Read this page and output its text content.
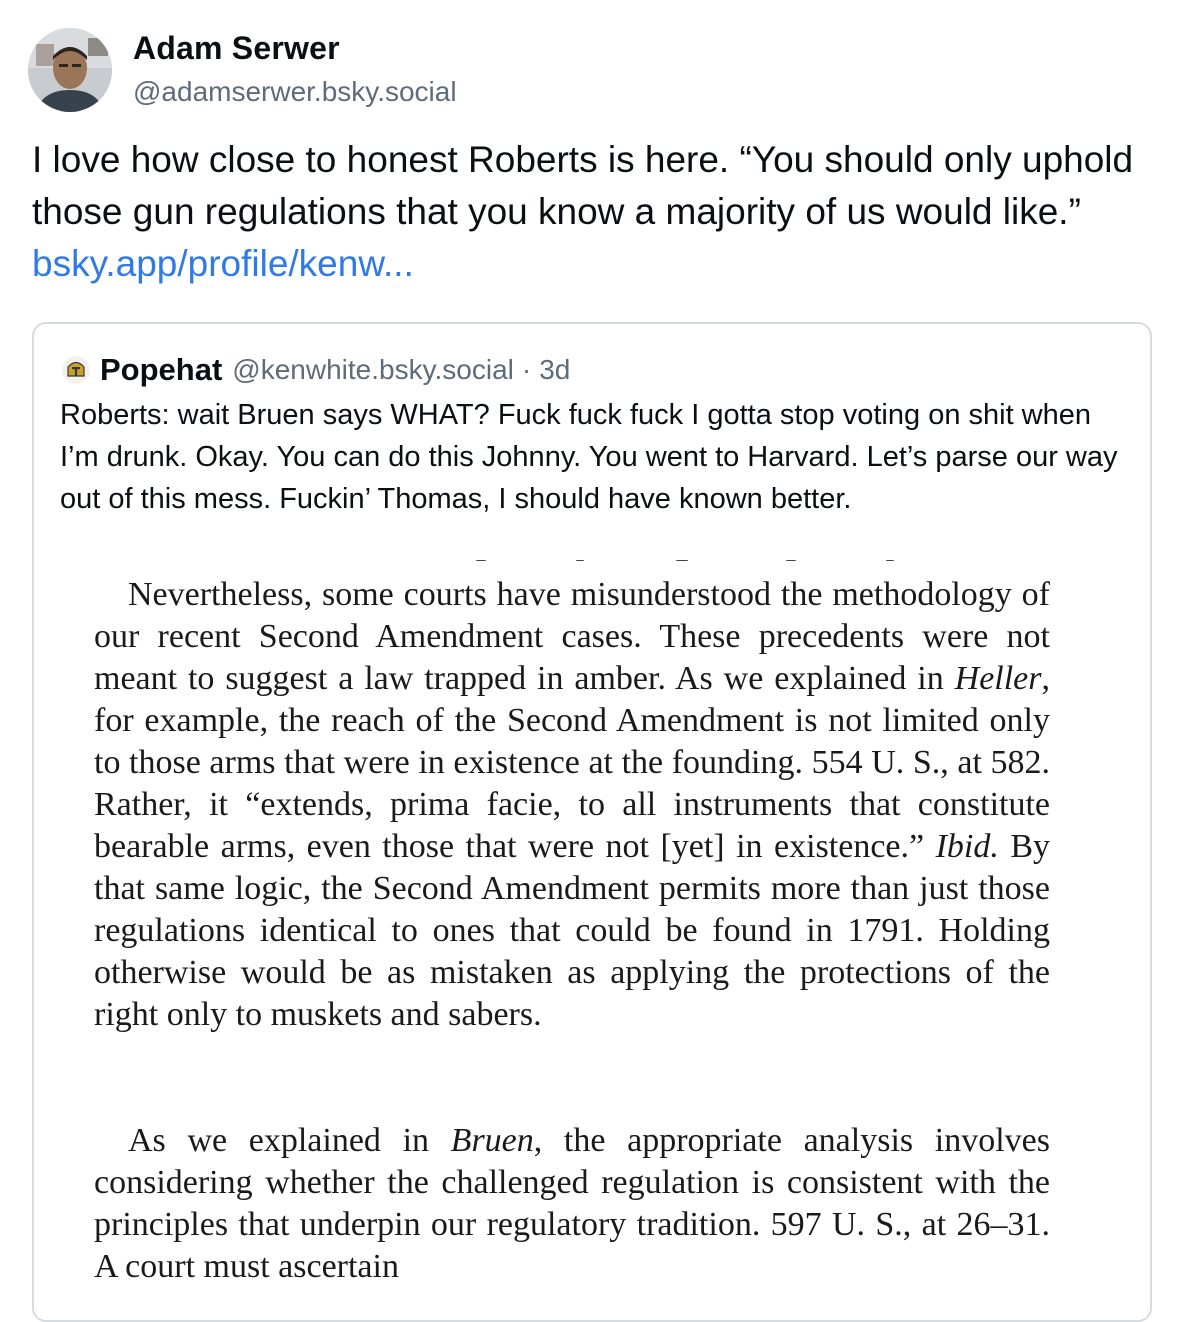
Adam Serwer
@adamserwer.bsky.social
I love how close to honest Roberts is here. “You should only uphold those gun regulations that you know a majority of us would like.” bsky.app/profile/kenw...
Popehat @kenwhite.bsky.social · 3d
Roberts: wait Bruen says WHAT? Fuck fuck fuck I gotta stop voting on shit when I’m drunk. Okay. You can do this Johnny. You went to Harvard. Let’s parse our way out of this mess. Fuckin’ Thomas, I should have known better.
Nevertheless, some courts have misunderstood the methodology of our recent Second Amendment cases. These precedents were not meant to suggest a law trapped in amber. As we explained in Heller, for example, the reach of the Second Amendment is not limited only to those arms that were in existence at the founding. 554 U. S., at 582. Rather, it “extends, prima facie, to all instruments that constitute bearable arms, even those that were not [yet] in existence.” Ibid. By that same logic, the Second Amendment permits more than just those regulations identical to ones that could be found in 1791. Holding otherwise would be as mistaken as applying the protections of the right only to muskets and sabers.
As we explained in Bruen, the appropriate analysis involves considering whether the challenged regulation is consistent with the principles that underpin our regulatory tradition. 597 U. S., at 26–31. A court must ascertain
